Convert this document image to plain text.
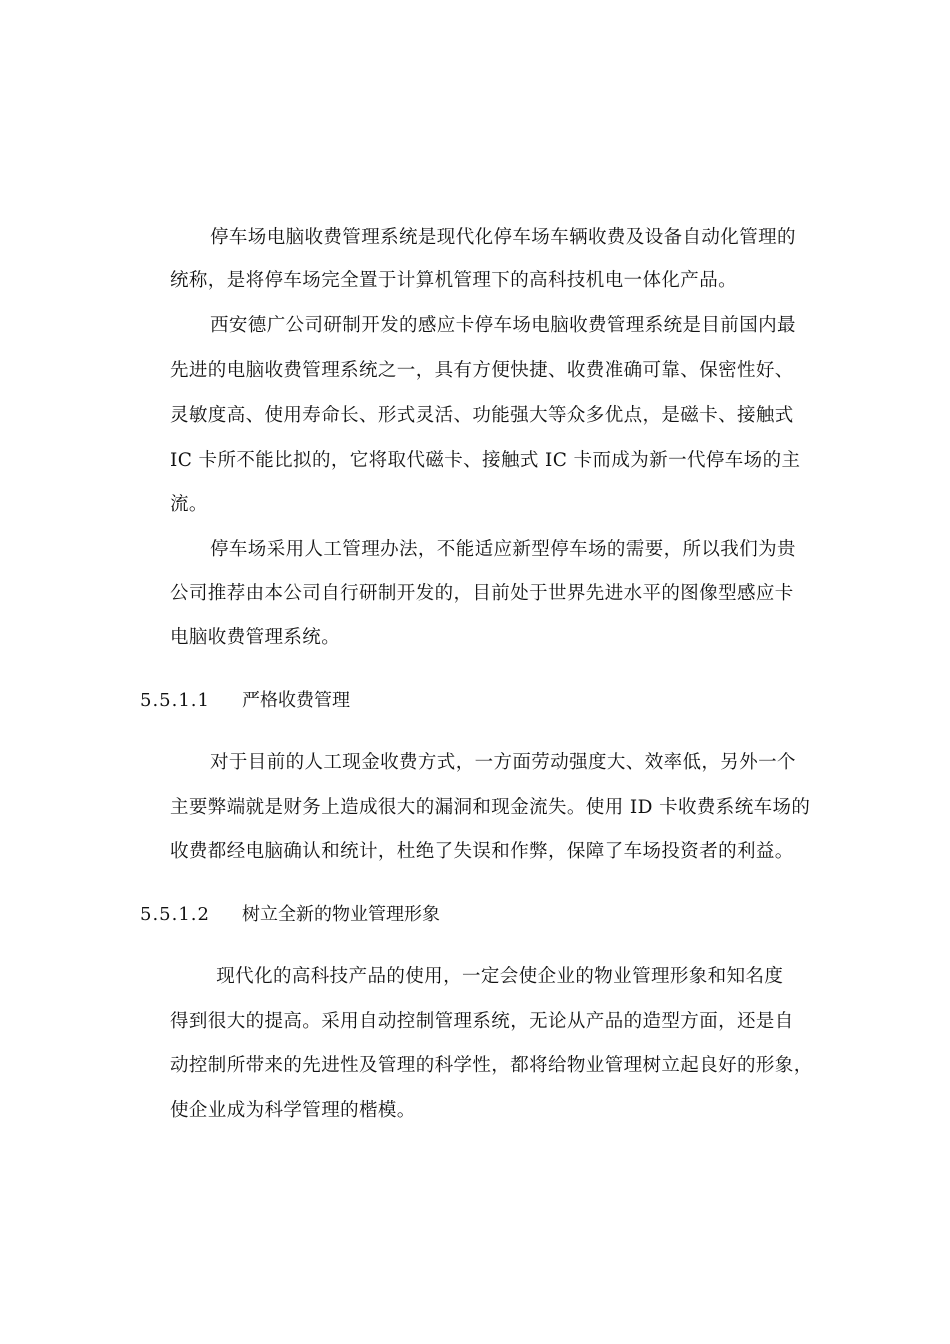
停车场电脑收费管理系统是现代化停车场车辆收费及设备自动化管理的
统称，是将停车场完全置于计算机管理下的高科技机电一体化产品。
西安德广公司研制开发的感应卡停车场电脑收费管理系统是目前国内最
先进的电脑收费管理系统之一，具有方便快捷、收费准确可靠、保密性好、
灵敏度高、使用寿命长、形式灵活、功能强大等众多优点，是磁卡、接触式
IC 卡所不能比拟的，它将取代磁卡、接触式 IC 卡而成为新一代停车场的主
流。
停车场采用人工管理办法，不能适应新型停车场的需要，所以我们为贵
公司推荐由本公司自行研制开发的，目前处于世界先进水平的图像型感应卡
电脑收费管理系统。
5.5.1.1 严格收费管理
对于目前的人工现金收费方式，一方面劳动强度大、效率低，另外一个
主要弊端就是财务上造成很大的漏洞和现金流失。使用 ID 卡收费系统车场的
收费都经电脑确认和统计，杜绝了失误和作弊，保障了车场投资者的利益。
5.5.1.2 树立全新的物业管理形象
现代化的高科技产品的使用，一定会使企业的物业管理形象和知名度
得到很大的提高。采用自动控制管理系统，无论从产品的造型方面，还是自
动控制所带来的先进性及管理的科学性，都将给物业管理树立起良好的形象，
使企业成为科学管理的楷模。
